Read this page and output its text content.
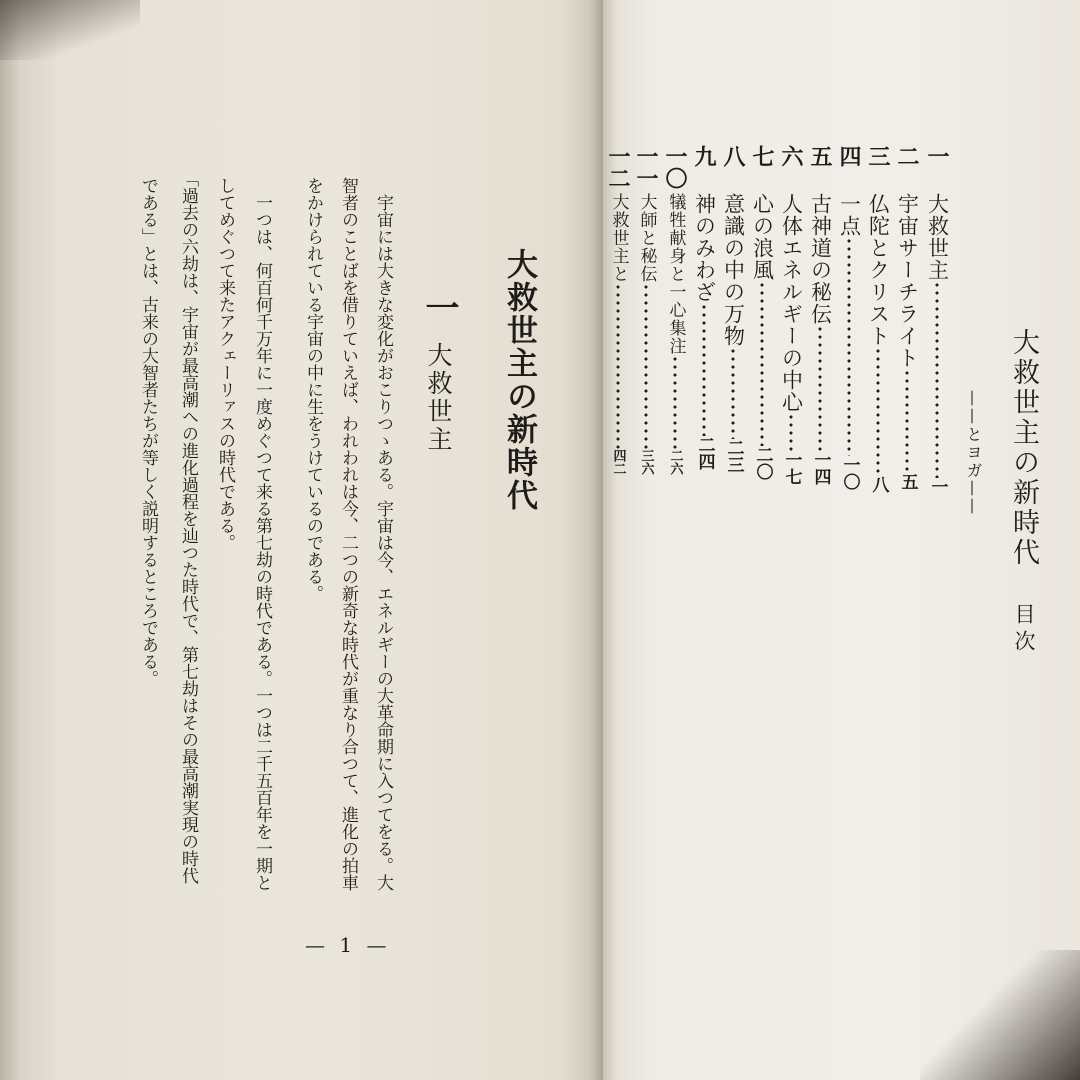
大救世主の新時代
一
大救世主
　宇宙には大きな変化がおこりつゝある。宇宙は今、エネルギーの大革命期に入つてをる。大
智者のことばを借りていえば、われわれは今、二つの新奇な時代が重なり合つて、進化の拍車
をかけられている宇宙の中に生をうけているのである。
　一つは、何百何千万年に一度めぐつて来る第七劫の時代である。一つは二千五百年を一期と
してめぐつて来たアクェーリァスの時代である。
「過去の六劫は、宇宙が最高潮への進化過程を辿つた時代で、第七劫はその最高潮実現の時代
である」とは、古来の大智者たちが等しく説明するところである。
— 1 —
大救世主の新時代
目次
——とヨガ——
一
大救世主
一
二
宇宙サーチライト
五
三
仏陀とクリスト
八
四
一点
一〇
五
古神道の秘伝
一四
六
人体エネルギーの中心
一七
七
心の浪風
二〇
八
意識の中の万物
二三
九
神のみわざ
二四
一〇
犠牲献身と一心集注
二六
一一
大師と秘伝
三六
一二
大救世主と
四二
